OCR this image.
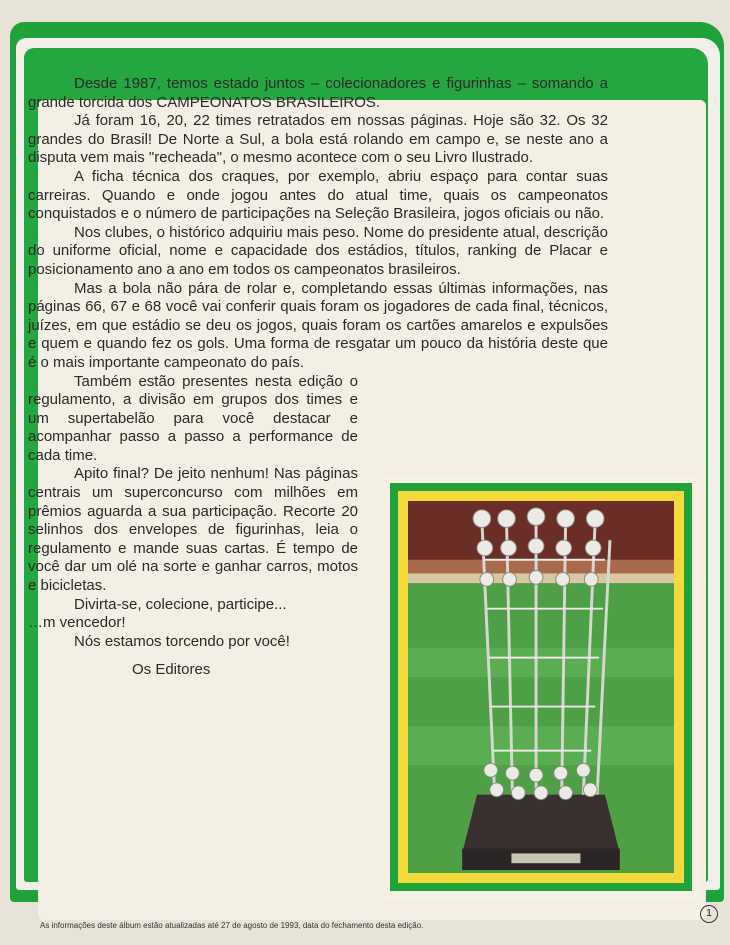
Desde 1987, temos estado juntos – colecionadores e figurinhas – somando a grande torcida dos CAMPEONATOS BRASILEIROS.

Já foram 16, 20, 22 times retratados em nossas páginas. Hoje são 32. Os 32 grandes do Brasil! De Norte a Sul, a bola está rolando em campo e, se neste ano a disputa vem mais "recheada", o mesmo acontece com o seu Livro Ilustrado.

A ficha técnica dos craques, por exemplo, abriu espaço para contar suas carreiras. Quando e onde jogou antes do atual time, quais os campeonatos conquistados e o número de participações na Seleção Brasileira, jogos oficiais ou não.

Nos clubes, o histórico adquiriu mais peso. Nome do presidente atual, descrição do uniforme oficial, nome e capacidade dos estádios, títulos, ranking de Placar e posicionamento ano a ano em todos os campeonatos brasileiros.

Mas a bola não pára de rolar e, completando essas últimas informações, nas páginas 66, 67 e 68 você vai conferir quais foram os jogadores de cada final, técnicos, juízes, em que estádio se deu os jogos, quais foram os cartões amarelos e expulsões e quem e quando fez os gols. Uma forma de resgatar um pouco da história deste que é o mais importante campeonato do país.

Também estão presentes nesta edição o regulamento, a divisão em grupos dos times e um supertabelão para você destacar e acompanhar passo a passo a performance de cada time.

Apito final? De jeito nenhum! Nas páginas centrais um superconcurso com milhões em prêmios aguarda a sua participação. Recorte 20 selinhos dos envelopes de figurinhas, leia o regulamento e mande suas cartas. É tempo de você dar um olé na sorte e ganhar carros, motos e bicicletas.

Divirta-se, colecione, participe...

…m vencedor!

Nós estamos torcendo por você!

Os Editores

As informações deste álbum estão atualizadas até 27 de agosto de 1993, data do fechamento desta edição.
1
